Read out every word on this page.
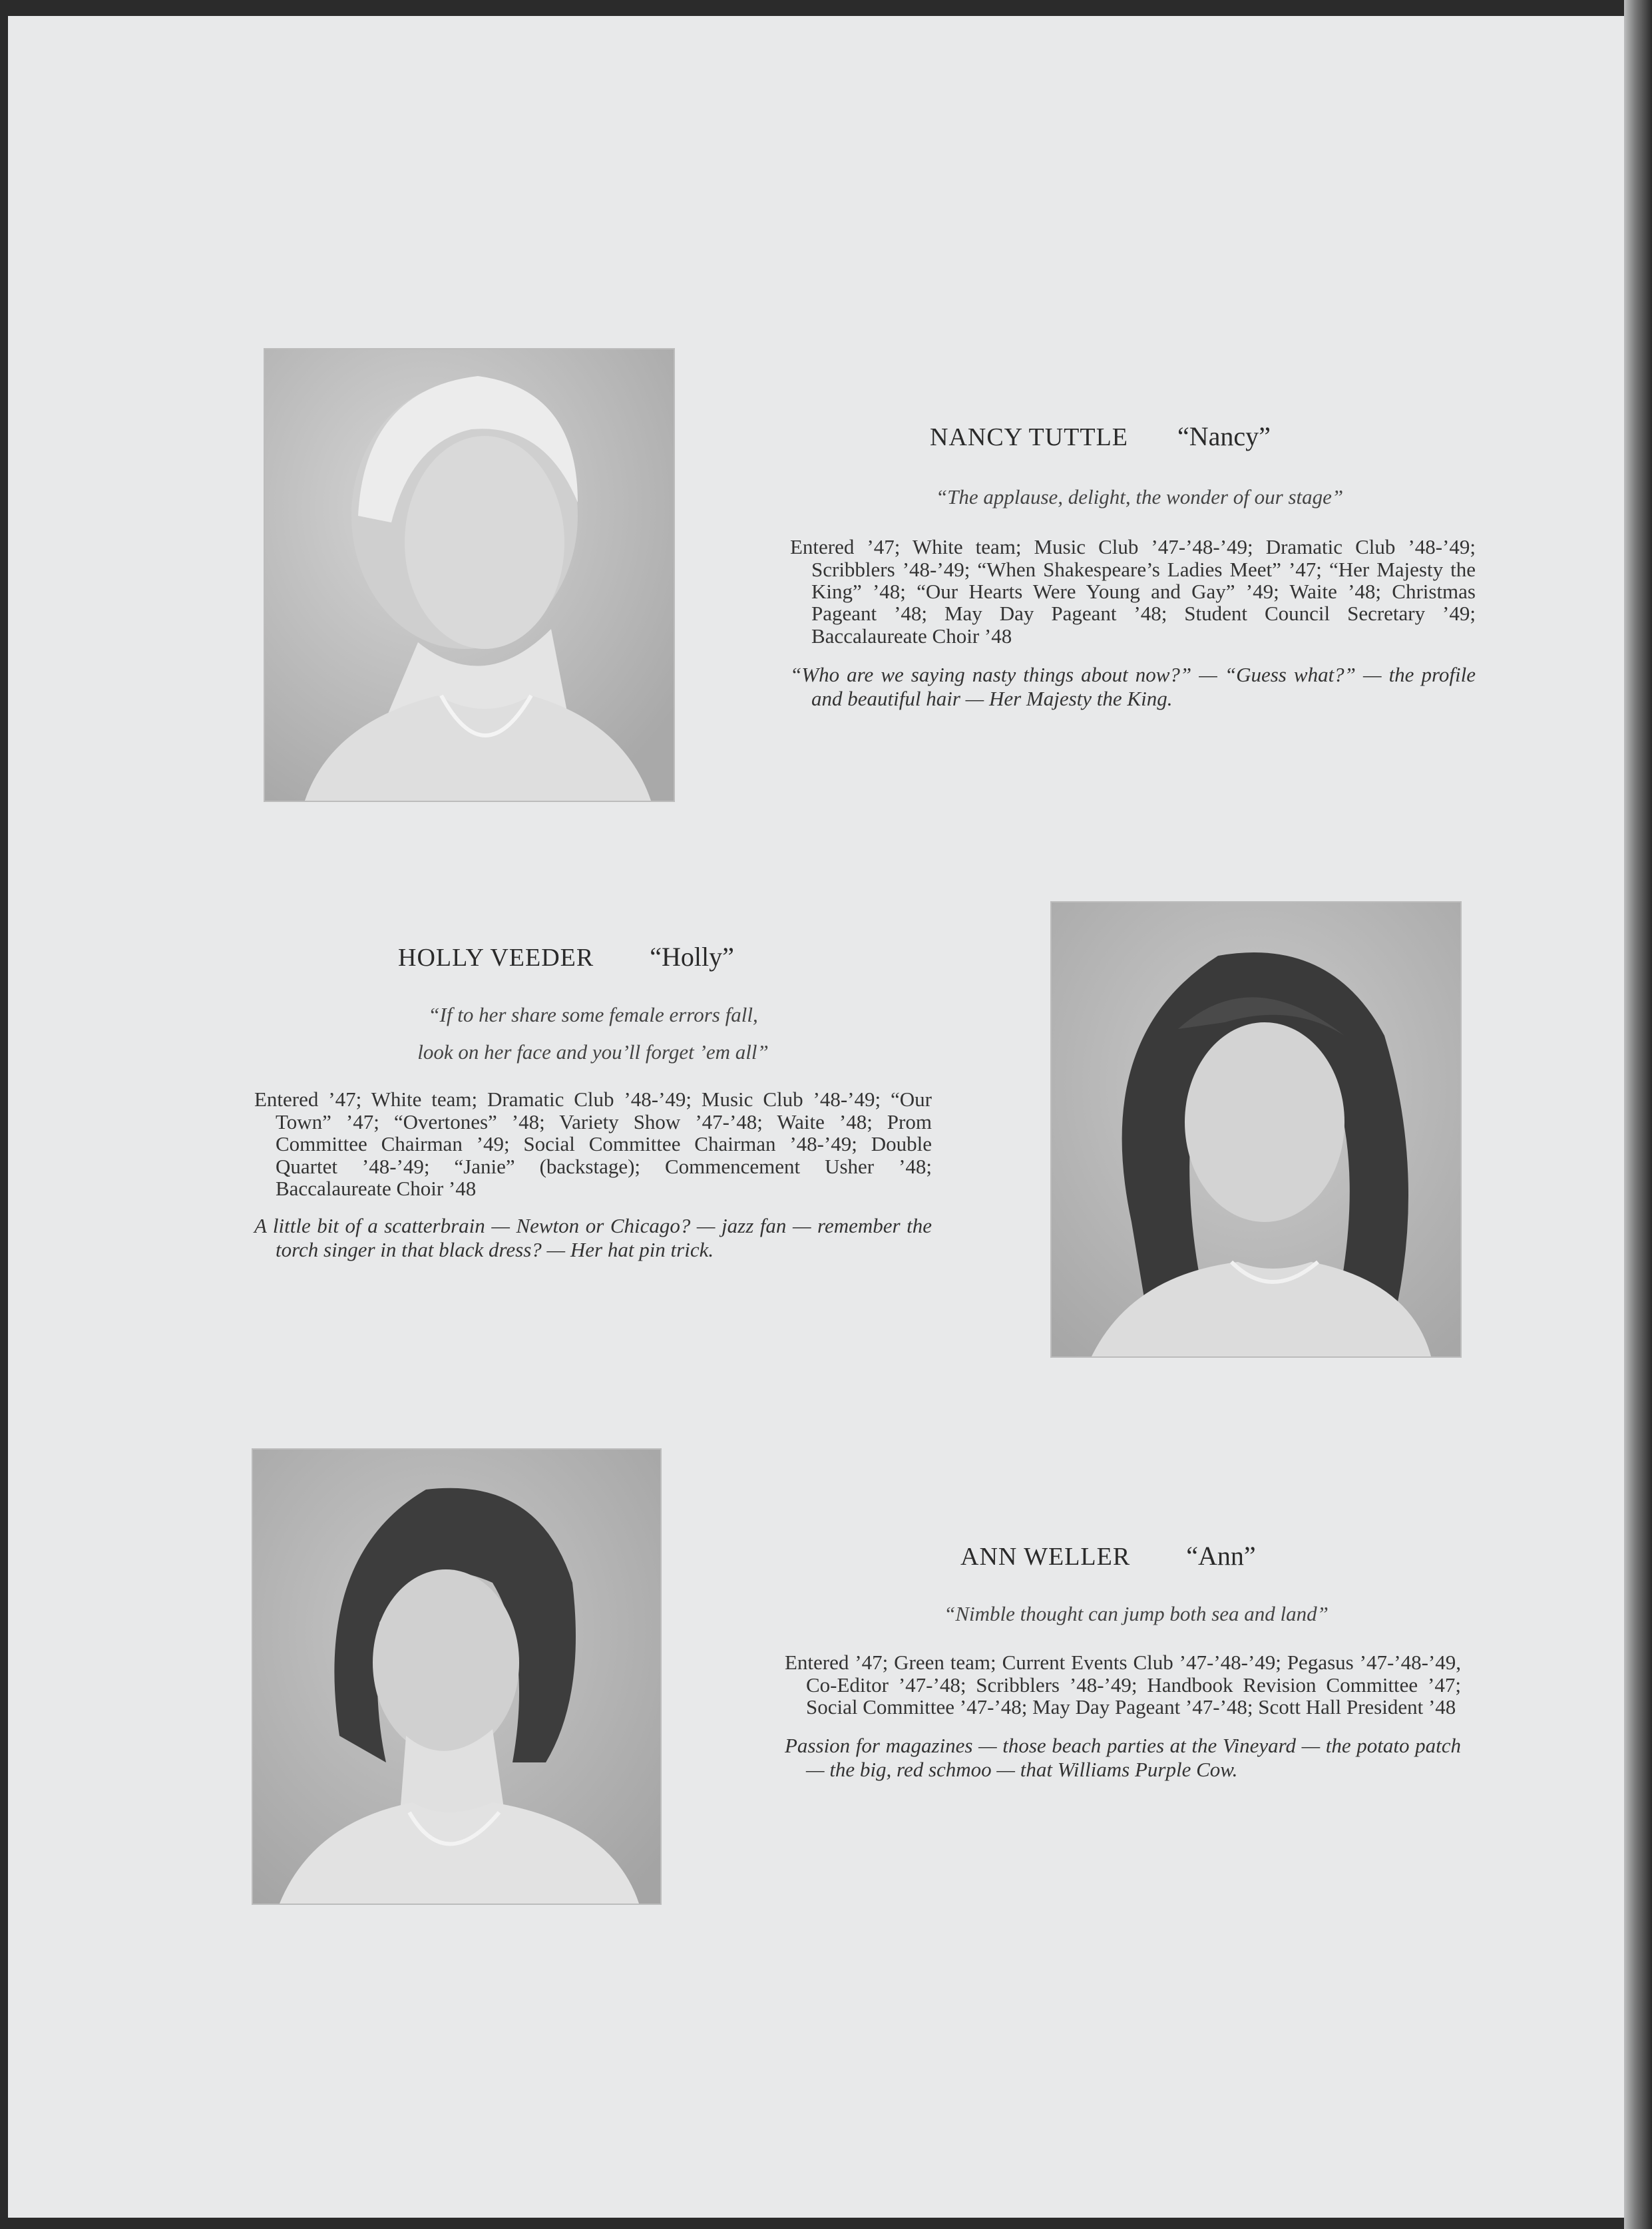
NANCY TUTTLE “Nancy”
“The applause, delight, the wonder of our stage”
Entered ’47; White team; Music Club ’47-’48-’49; Dramatic Club ’48-’49; Scribblers ’48-’49; “When Shakespeare’s Ladies Meet” ’47; “Her Majesty the King” ’48; “Our Hearts Were Young and Gay” ’49; Waite ’48; Christmas Pageant ’48; May Day Pageant ’48; Student Council Secretary ’49; Baccalaureate Choir ’48
“Who are we saying nasty things about now?” — “Guess what?” — the profile and beautiful hair — Her Majesty the King.
HOLLY VEEDER “Holly”
“If to her share some female errors fall,
look on her face and you’ll forget ’em all”
Entered ’47; White team; Dramatic Club ’48-’49; Music Club ’48-’49; “Our Town” ’47; “Overtones” ’48; Variety Show ’47-’48; Waite ’48; Prom Committee Chairman ’49; Social Committee Chairman ’48-’49; Double Quartet ’48-’49; “Janie” (backstage); Commencement Usher ’48; Baccalaureate Choir ’48
A little bit of a scatterbrain — Newton or Chicago? — jazz fan — remember the torch singer in that black dress? — Her hat pin trick.
ANN WELLER “Ann”
“Nimble thought can jump both sea and land”
Entered ’47; Green team; Current Events Club ’47-’48-’49; Pegasus ’47-’48-’49, Co-Editor ’47-’48; Scribblers ’48-’49; Handbook Revision Committee ’47; Social Committee ’47-’48; May Day Pageant ’47-’48; Scott Hall President ’48
Passion for magazines — those beach parties at the Vineyard — the potato patch — the big, red schmoo — that Williams Purple Cow.
